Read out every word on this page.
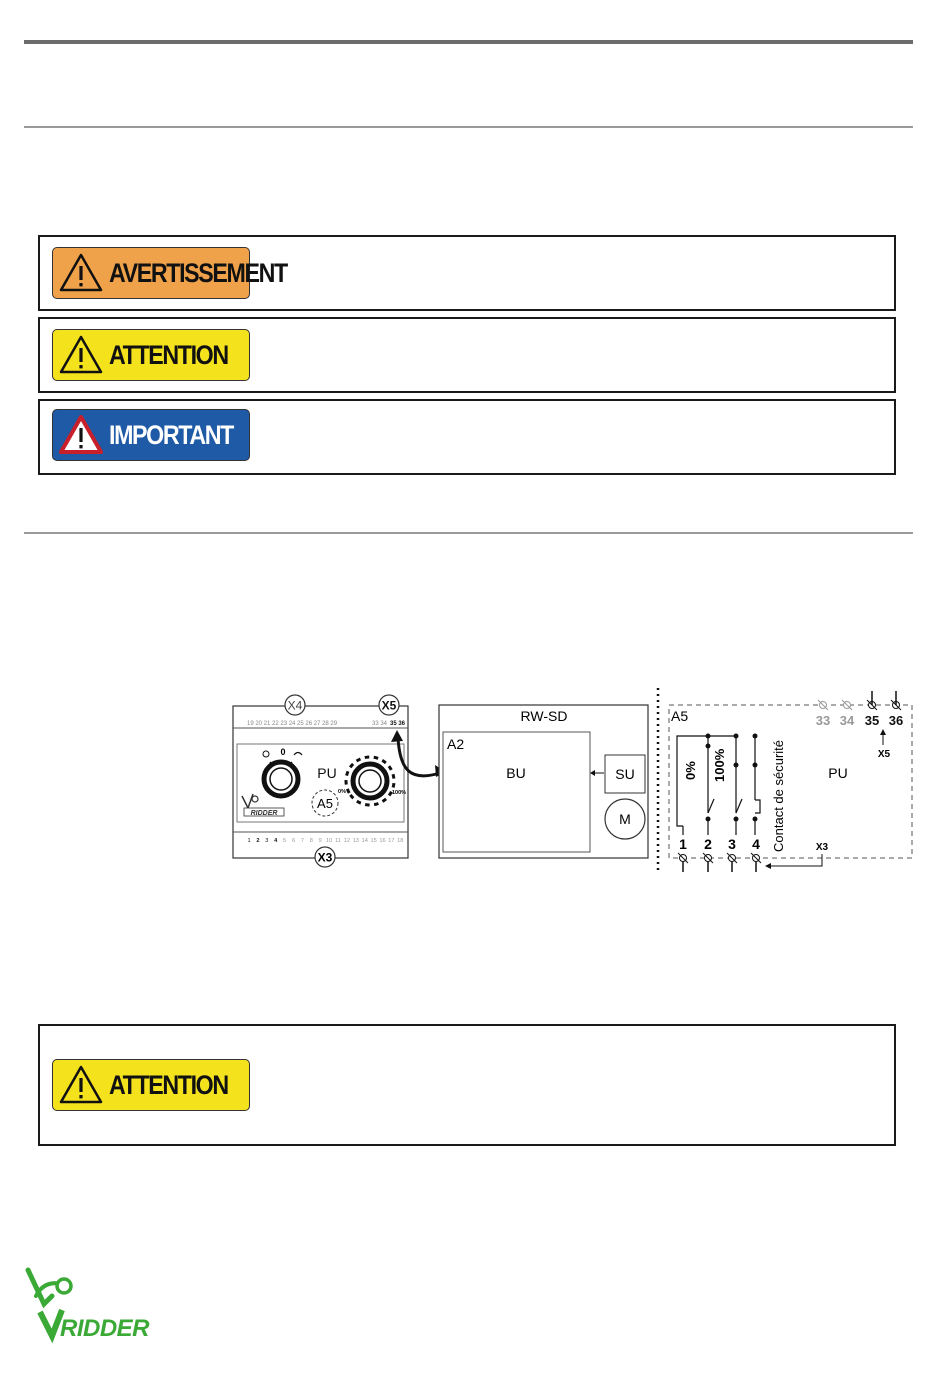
AVERTISSEMENT
ATTENTION
IMPORTANT
X4	X5
19 20 21 22 23 24 25 26 27 28 29	33 34 35 36
0
PU
A5
0%	100%
RIDDER
1 2 3 4 5 6 7 8 9 10 11 12 13 14 15 16 17 18
X3
RW-SD
A2
BU	SU
M
A5
PU
33 34 35 36
X5
0% 100%	Contact de sécurité
1 2 3 4	X3
ATTENTION
RIDDER
